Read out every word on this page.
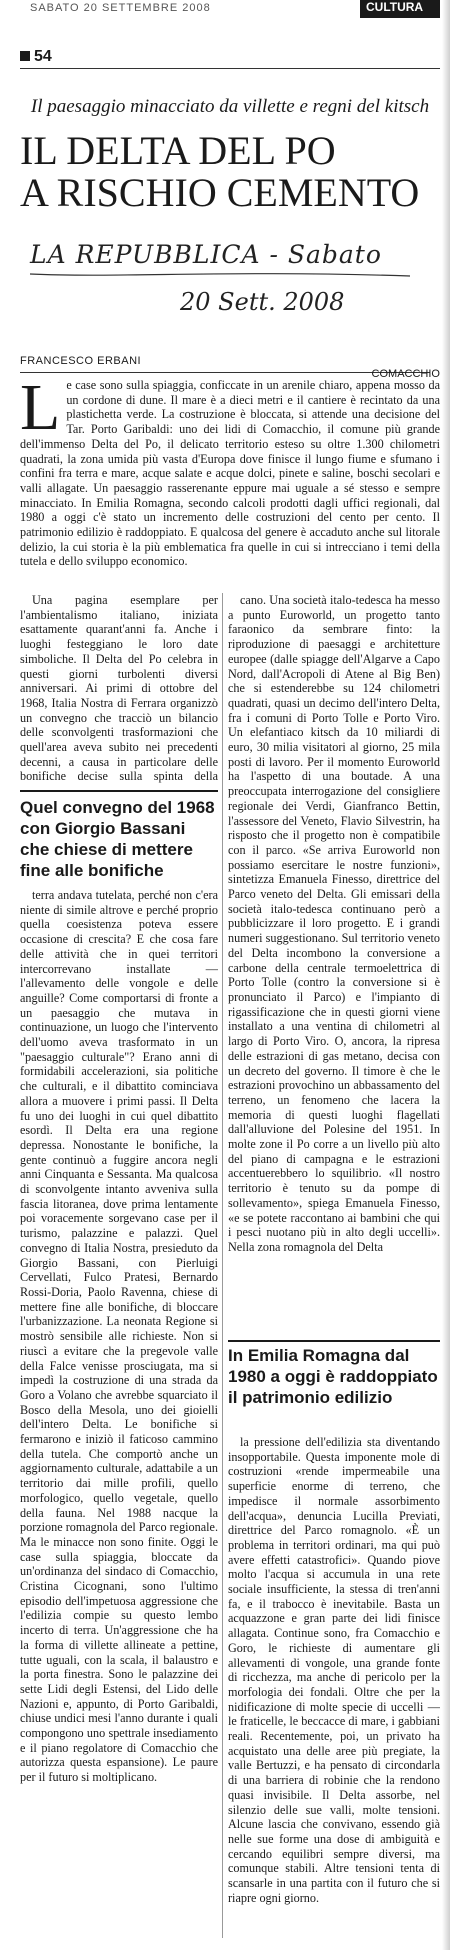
SABATO 20 SETTEMBRE 2008	CULTURA
54
Il paesaggio minacciato da villette e regni del kitsch
IL DELTA DEL PO
A RISCHIO CEMENTO
LA REPUBBLICA - Sabato
20 Sett. 2008
FRANCESCO ERBANI
COMACCHIO
L e case sono sulla spiaggia, conficcate in un arenile chiaro, appena mosso da un cordone di dune. Il mare è a dieci metri e il cantiere è recintato da una plastichetta verde. La costruzione è bloccata, si attende una decisione del Tar. Porto Garibaldi: uno dei lidi di Comacchio, il comune più grande dell'immenso Delta del Po, il delicato territorio esteso su oltre 1.300 chilometri quadrati, la zona umida più vasta d'Europa dove finisce il lungo fiume e sfumano i confini fra terra e mare, acque salate e acque dolci, pinete e saline, boschi secolari e valli allagate. Un paesaggio rasserenante eppure mai uguale a sé stesso e sempre minacciato. In Emilia Romagna, secondo calcoli prodotti dagli uffici regionali, dal 1980 a oggi c'è stato un incremento delle costruzioni del cento per cento. Il patrimonio edilizio è raddoppiato. E qualcosa del genere è accaduto anche sul litorale delizio, la cui storia è la più emblematica fra quelle in cui si intrecciano i temi della tutela e dello sviluppo economico.

Una pagina esemplare per l'ambientalismo italiano, iniziata esattamente quarant'anni fa. Anche i luoghi festeggiano le loro date simboliche. Il Delta del Po celebra in questi giorni turbolenti diversi anniversari. Ai primi di ottobre del 1968, Italia Nostra di Ferrara organizzò un convegno che tracciò un bilancio delle sconvolgenti trasformazioni che quell'area aveva subito nei precedenti decenni, a causa in particolare delle bonifiche decise sulla spinta della

Quel convegno del 1968 con Giorgio Bassani che chiese di mettere fine alle bonifiche

terra andava tutelata, perché non c'era niente di simile altrove e perché proprio quella coesistenza poteva essere occasione di crescita? E che cosa fare delle attività che in quei territori intercorrevano installate — l'allevamento delle vongole e delle anguille? Come comportarsi di fronte a un paesaggio che mutava in continuazione, un luogo che l'intervento dell'uomo aveva trasformato in un "paesaggio culturale"? Erano anni di formidabili accelerazioni, sia politiche che culturali, e il dibattito cominciava allora a muovere i primi passi. Il Delta fu uno dei luoghi in cui quel dibattito esordì. Il Delta era una regione depressa. Nonostante le bonifiche, la gente continuò a fuggire ancora negli anni Cinquanta e Sessanta. Ma qualcosa di sconvolgente intanto avveniva sulla fascia litoranea, dove prima lentamente poi voracemente sorgevano case per il turismo, palazzine e palazzi. Quel convegno di Italia Nostra, presieduto da Giorgio Bassani, con Pierluigi Cervellati, Fulco Pratesi, Bernardo Rossi-Doria, Paolo Ravenna, chiese di mettere fine alle bonifiche, di bloccare l'urbanizzazione. La neonata Regione si mostrò sensibile alle richieste. Non si riuscì a evitare che la pregevole valle della Falce venisse prosciugata, ma si impedì la costruzione di una strada da Goro a Volano che avrebbe squarciato il Bosco della Mesola, uno dei gioielli dell'intero Delta. Le bonifiche si fermarono e iniziò il faticoso cammino della tutela. Che comportò anche un aggiornamento culturale, adattabile a un territorio dai mille profili, quello morfologico, quello vegetale, quello della fauna. Nel 1988 nacque la porzione romagnola del Parco regionale. Ma le minacce non sono finite. Oggi le case sulla spiaggia, bloccate da un'ordinanza del sindaco di Comacchio, Cristina Cicognani, sono l'ultimo episodio dell'impetuosa aggressione che l'edilizia compie su questo lembo incerto di terra. Un'aggressione che ha la forma di villette allineate a pettine, tutte uguali, con la scala, il balaustro e la porta finestra. Sono le palazzine dei sette Lidi degli Estensi, del Lido delle Nazioni e, appunto, di Porto Garibaldi, chiuse undici mesi l'anno durante i quali compongono uno spettrale insediamento e il piano regolatore di Comacchio che autorizza questa espansione). Le paure per il futuro si moltiplicano.

cano. Una società italo-tedesca ha messo a punto Euroworld, un progetto tanto faraonico da sembrare finto: la riproduzione di paesaggi e architetture europee (dalle spiagge dell'Algarve a Capo Nord, dall'Acropoli di Atene al Big Ben) che si estenderebbe su 124 chilometri quadrati, quasi un decimo dell'intero Delta, fra i comuni di Porto Tolle e Porto Viro. Un elefantiaco kitsch da 10 miliardi di euro, 30 milia visitatori al giorno, 25 mila posti di lavoro. Per il momento Euroworld ha l'aspetto di una boutade. A una preoccupata interrogazione del consigliere regionale dei Verdi, Gianfranco Bettin, l'assessore del Veneto, Flavio Silvestrin, ha risposto che il progetto non è compatibile con il parco. «Se arriva Euroworld non possiamo esercitare le nostre funzioni», sintetizza Emanuela Finesso, direttrice del Parco veneto del Delta. Gli emissari della società italo-tedesca continuano però a pubblicizzare il loro progetto. E i grandi numeri suggestionano. Sul territorio veneto del Delta incombono la conversione a carbone della centrale termoelettrica di Porto Tolle (contro la conversione si è pronunciato il Parco) e l'impianto di rigassificazione che in questi giorni viene installato a una ventina di chilometri al largo di Porto Viro. O, ancora, la ripresa delle estrazioni di gas metano, decisa con un decreto del governo. Il timore è che le estrazioni provochino un abbassamento del terreno, un fenomeno che lacera la memoria di questi luoghi flagellati dall'alluvione del Polesine del 1951. In molte zone il Po corre a un livello più alto del piano di campagna e le estrazioni accentuerebbero lo squilibrio. «Il nostro territorio è tenuto su da pompe di sollevamento», spiega Emanuela Finesso, «e se potete raccontano ai bambini che qui i pesci nuotano più in alto degli uccelli». Nella zona romagnola del Delta

In Emilia Romagna dal 1980 a oggi è raddoppiato il patrimonio edilizio

la pressione dell'edilizia sta diventando insopportabile. Questa imponente mole di costruzioni «rende impermeabile una superficie enorme di terreno, che impedisce il normale assorbimento dell'acqua», denuncia Lucilla Previati, direttrice del Parco romagnolo. «È un problema in territori ordinari, ma qui può avere effetti catastrofici». Quando piove molto l'acqua si accumula in una rete sociale insufficiente, la stessa di tren'anni fa, e il trabocco è inevitabile. Basta un acquazzone e gran parte dei lidi finisce allagata. Continue sono, fra Comacchio e Goro, le richieste di aumentare gli allevamenti di vongole, una grande fonte di ricchezza, ma anche di pericolo per la morfologia dei fondali. Oltre che per la nidificazione di molte specie di uccelli — le fraticelle, le beccacce di mare, i gabbiani reali. Recentemente, poi, un privato ha acquistato una delle aree più pregiate, la valle Bertuzzi, e ha pensato di circondarla di una barriera di robinie che la rendono quasi invisibile. Il Delta assorbe, nel silenzio delle sue valli, molte tensioni. Alcune lascia che convivano, essendo già nelle sue forme una dose di ambiguità e cercando equilibri sempre diversi, ma comunque stabili. Altre tensioni tenta di scansarle in una partita con il futuro che si riapre ogni giorno.
